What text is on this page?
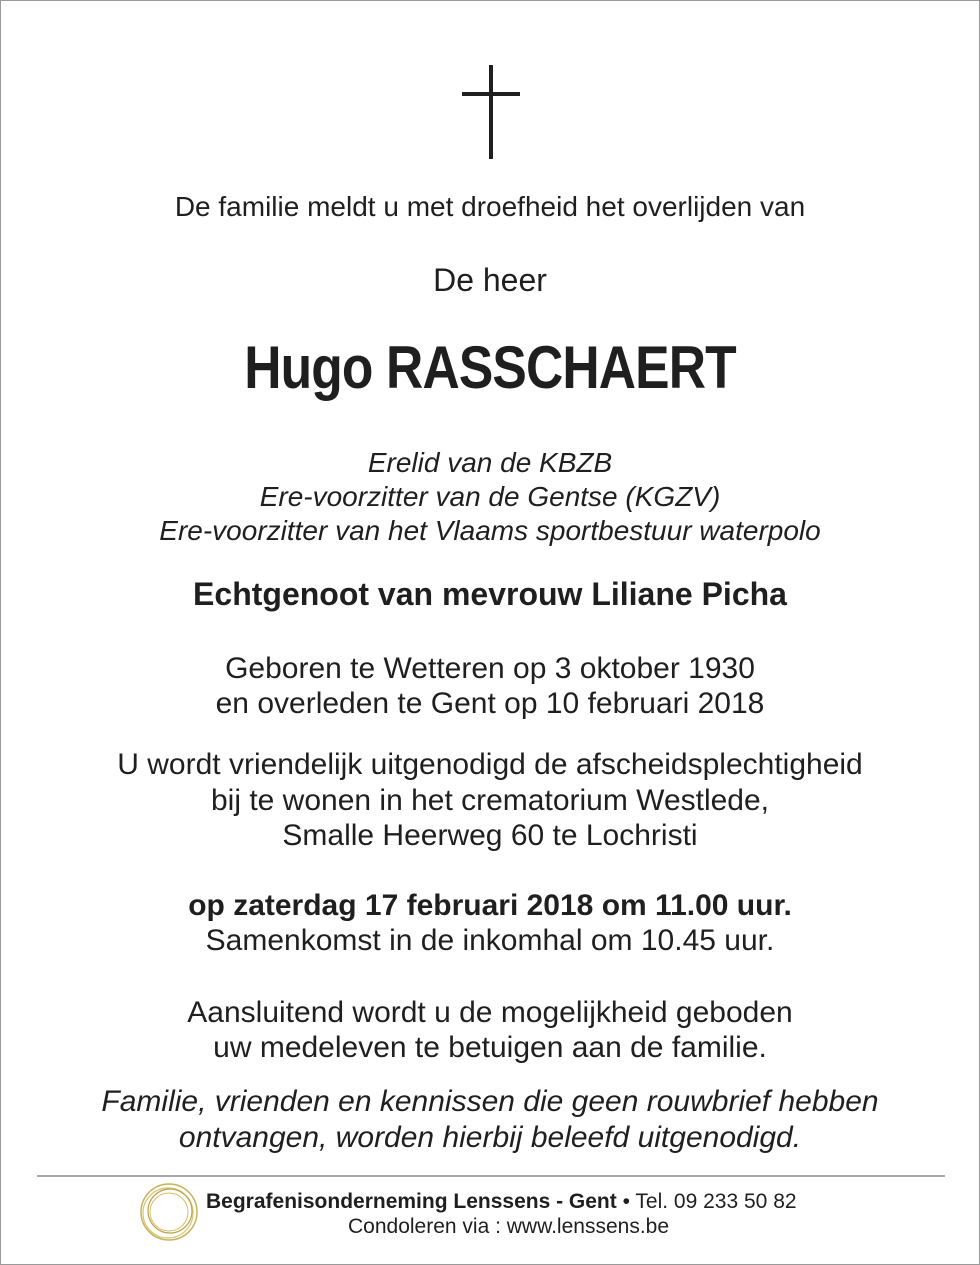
De familie meldt u met droefheid het overlijden van
De heer
Hugo RASSCHAERT
Erelid van de KBZB
Ere-voorzitter van de Gentse (KGZV)
Ere-voorzitter van het Vlaams sportbestuur waterpolo
Echtgenoot van mevrouw Liliane Picha
Geboren te Wetteren op 3 oktober 1930
en overleden te Gent op 10 februari 2018
U wordt vriendelijk uitgenodigd de afscheidsplechtigheid
bij te wonen in het crematorium Westlede,
Smalle Heerweg 60 te Lochristi
op zaterdag 17 februari 2018 om 11.00 uur.
Samenkomst in de inkomhal om 10.45 uur.
Aansluitend wordt u de mogelijkheid geboden
uw medeleven te betuigen aan de familie.
Familie, vrienden en kennissen die geen rouwbrief hebben
ontvangen, worden hierbij beleefd uitgenodigd.
Begrafenisonderneming Lenssens - Gent • Tel. 09 233 50 82
Condoleren via : www.lenssens.be
